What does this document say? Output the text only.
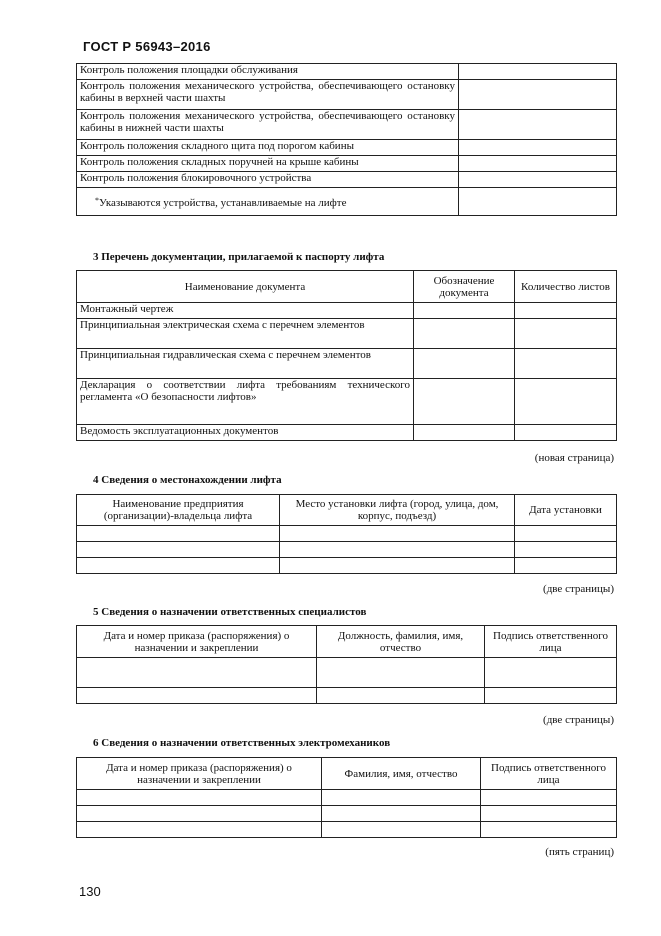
ГОСТ Р 56943–2016
Контроль положения площадки обслуживания	
Контроль положения механического устройства, обеспечивающего остановку кабины в верхней части шахты	
Контроль положения механического устройства, обеспечивающего остановку кабины в нижней части шахты	
Контроль положения складного щита под порогом кабины	
Контроль положения складных поручней на крыше кабины	
Контроль положения блокировочного устройства	
*Указываются устройства, устанавливаемые на лифте	
3 Перечень документации, прилагаемой к паспорту лифта
Наименование документа	Обозначение документа	Количество листов
Монтажный чертеж		
Принципиальная электрическая схема с перечнем элементов		
Принципиальная гидравлическая схема с перечнем элементов		
Декларация о соответствии лифта требованиям технического регламента «О безопасности лифтов»		
Ведомость эксплуатационных документов		
(новая страница)
4 Сведения о местонахождении лифта
Наименование предприятия (организации)-владельца лифта	Место установки лифта (город, улица, дом, корпус, подъезд)	Дата установки

(две страницы)
5 Сведения о назначении ответственных специалистов
Дата и номер приказа (распоряжения) о назначении и закреплении	Должность, фамилия, имя, отчество	Подпись ответственного лица

(две страницы)
6 Сведения о назначении ответственных электромехаников
Дата и номер приказа (распоряжения) о назначении и закреплении	Фамилия, имя, отчество	Подпись ответственного лица

(пять страниц)
130
